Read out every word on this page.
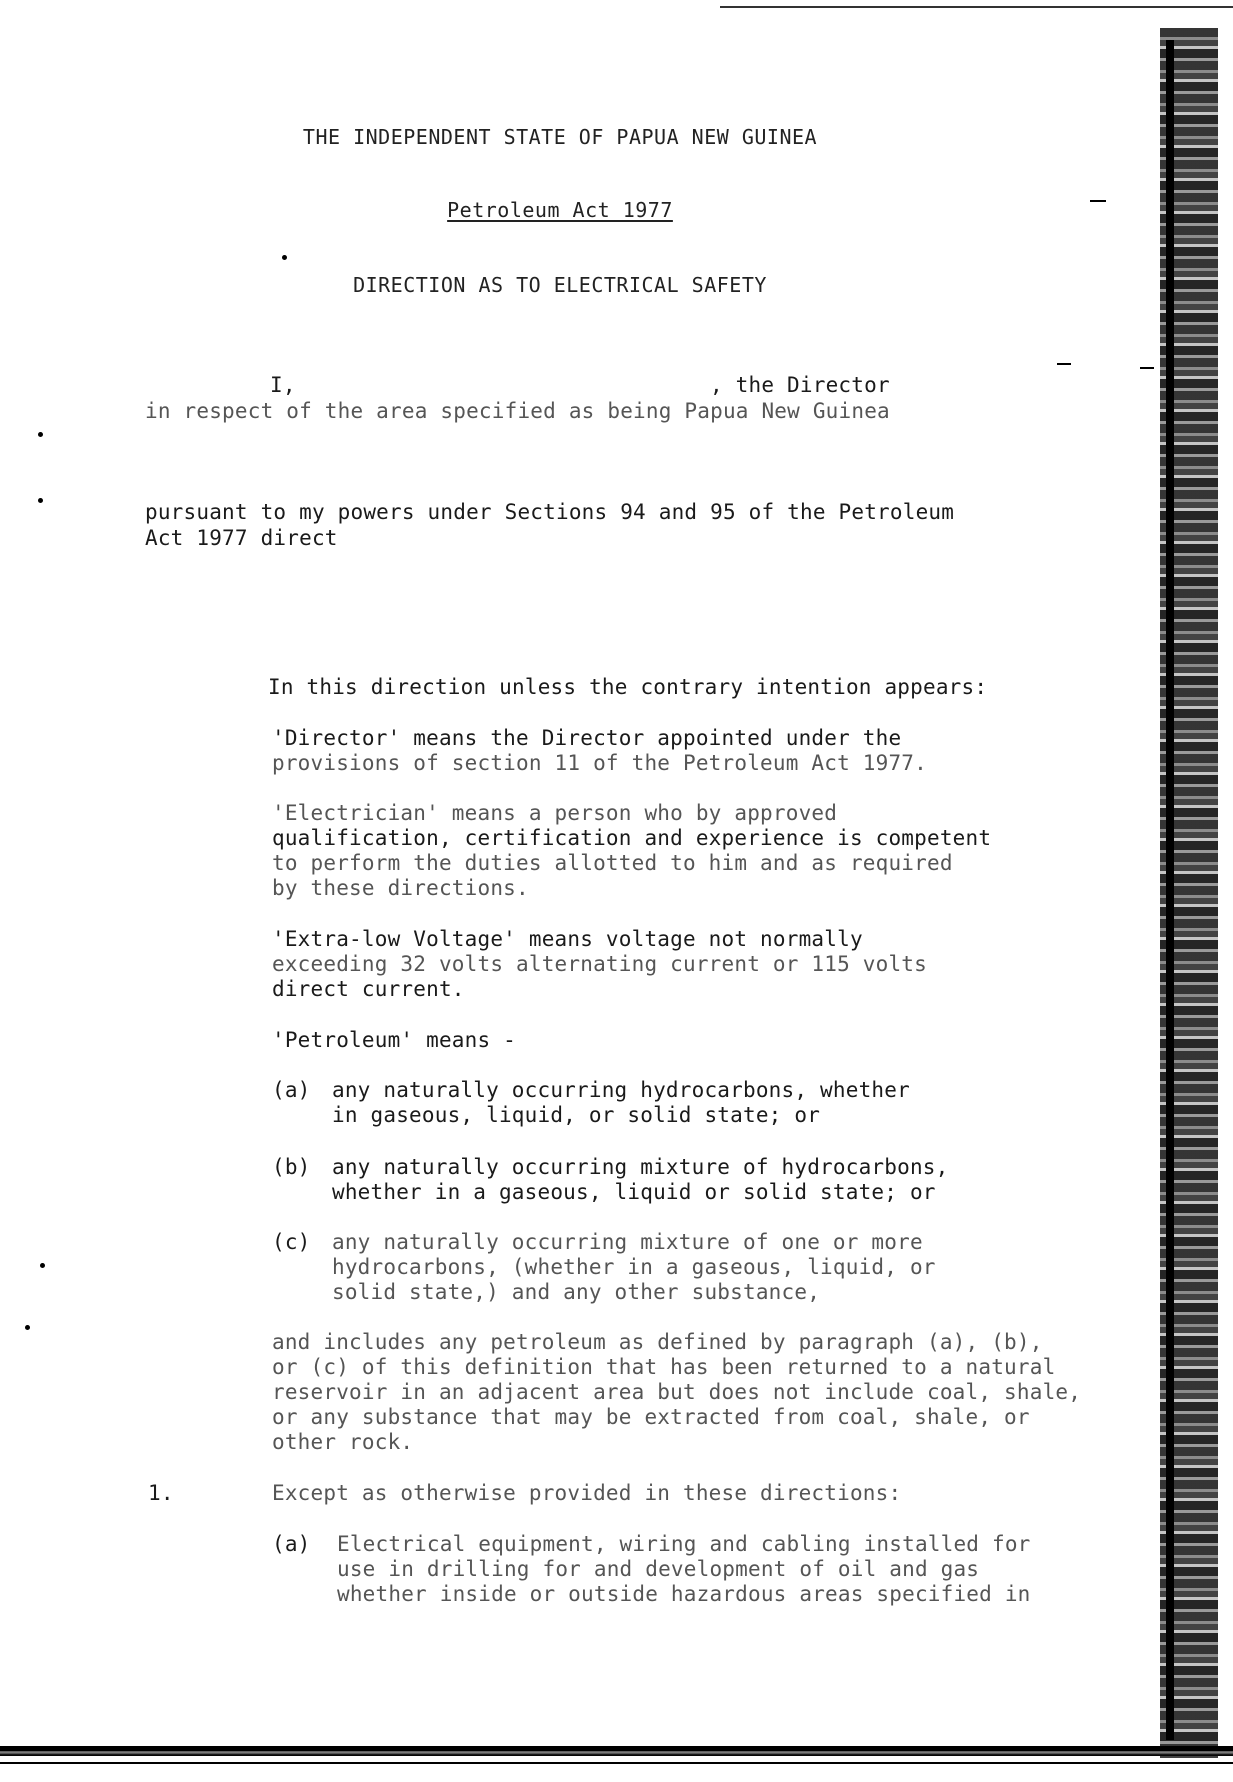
THE INDEPENDENT STATE OF PAPUA NEW GUINEA
Petroleum Act 1977
DIRECTION AS TO ELECTRICAL SAFETY
I,	, the Director
in respect of the area specified as being Papua New Guinea
pursuant to my powers under Sections 94 and 95 of the Petroleum
Act 1977 direct
In this direction unless the contrary intention appears:
'Director' means the Director appointed under the
provisions of section 11 of the Petroleum Act 1977.
'Electrician' means a person who by approved
qualification, certification and experience is competent
to perform the duties allotted to him and as required
by these directions.
'Extra-low Voltage' means voltage not normally
exceeding 32 volts alternating current or 115 volts
direct current.
'Petroleum' means -
(a) any naturally occurring hydrocarbons, whether
in gaseous, liquid, or solid state; or
(b) any naturally occurring mixture of hydrocarbons,
whether in a gaseous, liquid or solid state; or
(c) any naturally occurring mixture of one or more
hydrocarbons, (whether in a gaseous, liquid, or
solid state,) and any other substance,
and includes any petroleum as defined by paragraph (a), (b),
or (c) of this definition that has been returned to a natural
reservoir in an adjacent area but does not include coal, shale,
or any substance that may be extracted from coal, shale, or
other rock.
1.	Except as otherwise provided in these directions:
(a) Electrical equipment, wiring and cabling installed for
use in drilling for and development of oil and gas
whether inside or outside hazardous areas specified in
